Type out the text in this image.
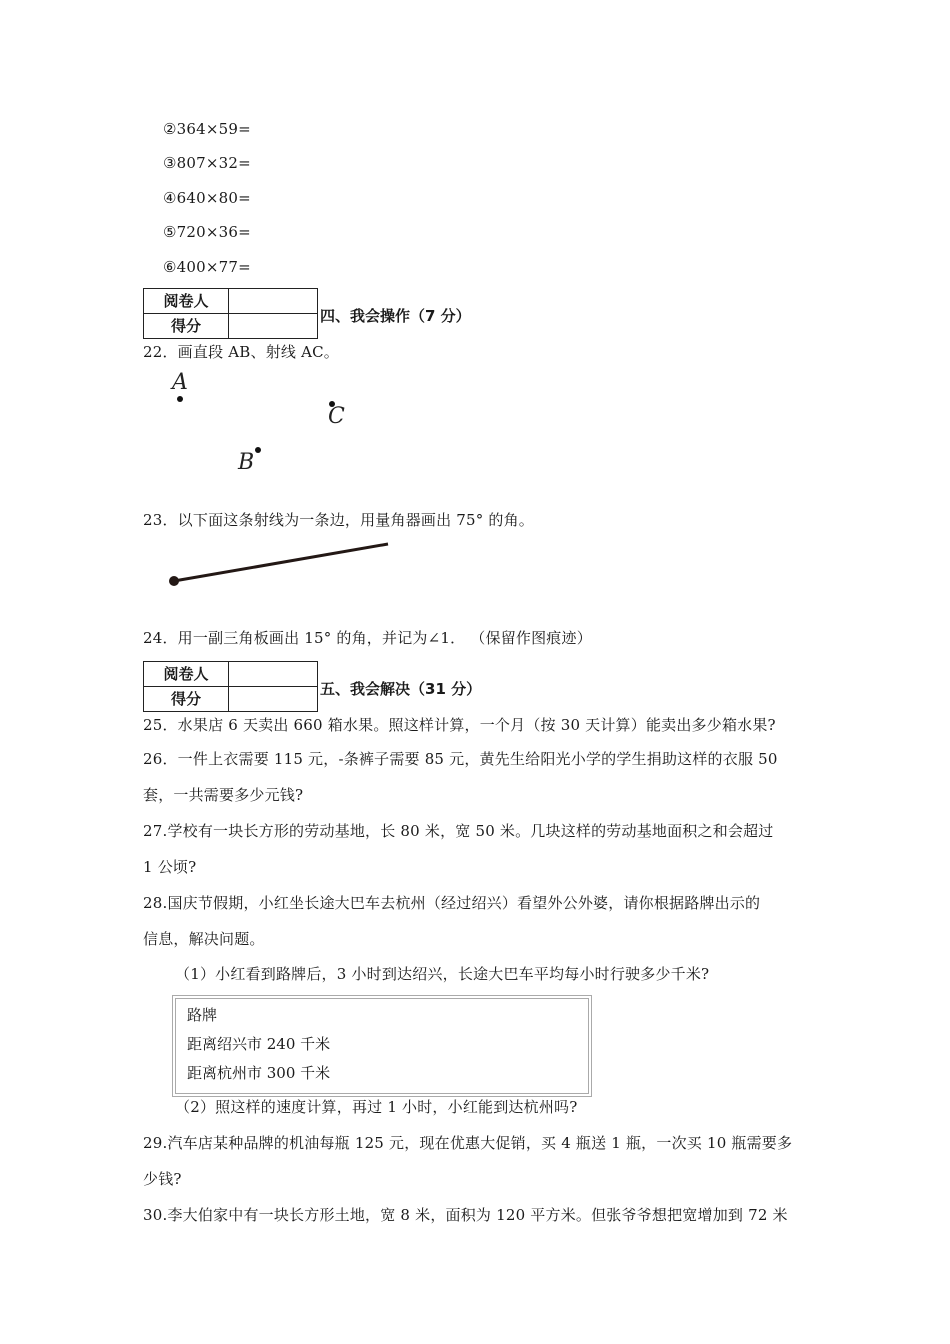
②364×59=
③807×32=
④640×80=
⑤720×36=
⑥400×77=
阅卷人	
得分	
四、我会操作（7 分）
22．画直段 AB、射线 AC。
A
C
B
23．以下面这条射线为一条边，用量角器画出 75° 的角。
24．用一副三角板画出 15° 的角，并记为∠1． （保留作图痕迹）
阅卷人	
得分	
五、我会解决（31 分）
25．水果店 6 天卖出 660 箱水果。照这样计算，一个月（按 30 天计算）能卖出多少箱水果?
26．一件上衣需要 115 元，-条裤子需要 85 元，黄先生给阳光小学的学生捐助这样的衣服 50
套，一共需要多少元钱?
27.学校有一块长方形的劳动基地，长 80 米，宽 50 米。几块这样的劳动基地面积之和会超过
1 公顷?
28.国庆节假期，小红坐长途大巴车去杭州（经过绍兴）看望外公外婆，请你根据路牌出示的
信息，解决问题。
（1）小红看到路牌后，3 小时到达绍兴，长途大巴车平均每小时行驶多少千米?
路牌
距离绍兴市 240 千米
距离杭州市 300 千米
（2）照这样的速度计算，再过 1 小时，小红能到达杭州吗?
29.汽车店某种品牌的机油每瓶 125 元，现在优惠大促销，买 4 瓶送 1 瓶，一次买 10 瓶需要多
少钱?
30.李大伯家中有一块长方形土地，宽 8 米，面积为 120 平方米。但张爷爷想把宽增加到 72 米
